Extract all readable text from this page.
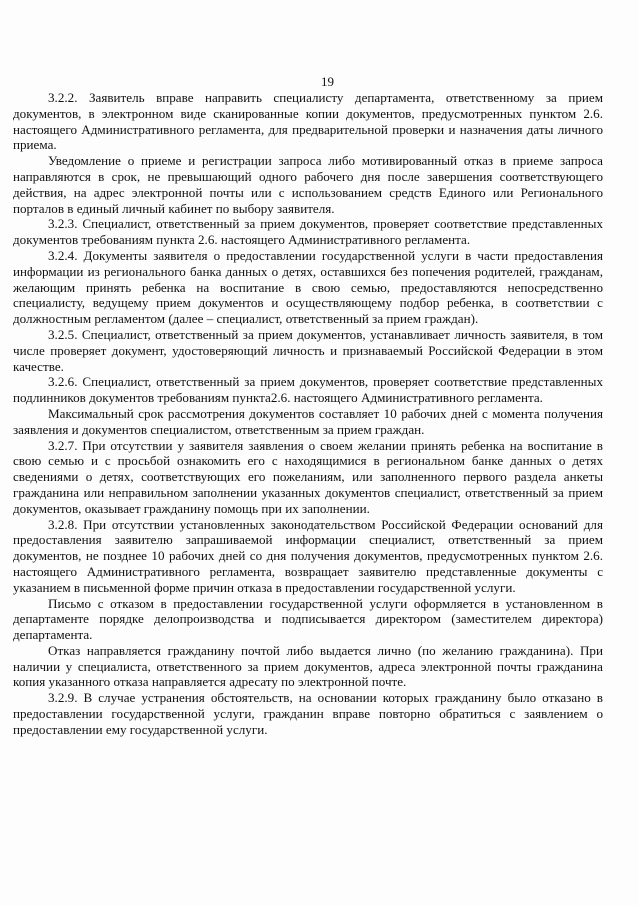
19

3.2.2. Заявитель вправе направить специалисту департамента, ответственному за прием документов, в электронном виде сканированные копии документов, предусмотренных пунктом 2.6. настоящего Административного регламента, для предварительной проверки и назначения даты личного приема.

Уведомление о приеме и регистрации запроса либо мотивированный отказ в приеме запроса направляются в срок, не превышающий одного рабочего дня после завершения соответствующего действия, на адрес электронной почты или с использованием средств Единого или Регионального порталов в единый личный кабинет по выбору заявителя.

3.2.3. Специалист, ответственный за прием документов, проверяет соответствие представленных документов требованиям пункта 2.6. настоящего Административного регламента.

3.2.4. Документы заявителя о предоставлении государственной услуги в части предоставления информации из регионального банка данных о детях, оставшихся без попечения родителей, гражданам, желающим принять ребенка на воспитание в свою семью, предоставляются непосредственно специалисту, ведущему прием документов и осуществляющему подбор ребенка, в соответствии с должностным регламентом (далее – специалист, ответственный за прием граждан).

3.2.5. Специалист, ответственный за прием документов, устанавливает личность заявителя, в том числе проверяет документ, удостоверяющий личность и признаваемый Российской Федерации в этом качестве.

3.2.6. Специалист, ответственный за прием документов, проверяет соответствие представленных подлинников документов требованиям пункта2.6. настоящего Административного регламента.

Максимальный срок рассмотрения документов составляет 10 рабочих дней с момента получения заявления и документов специалистом, ответственным за прием граждан.

3.2.7. При отсутствии у заявителя заявления о своем желании принять ребенка на воспитание в свою семью и с просьбой ознакомить его с находящимися в региональном банке данных о детях сведениями о детях, соответствующих его пожеланиям, или заполненного первого раздела анкеты гражданина или неправильном заполнении указанных документов специалист, ответственный за прием документов, оказывает гражданину помощь при их заполнении.

3.2.8. При отсутствии установленных законодательством Российской Федерации оснований для предоставления заявителю запрашиваемой информации специалист, ответственный за прием документов, не позднее 10 рабочих дней со дня получения документов, предусмотренных пунктом 2.6. настоящего Административного регламента, возвращает заявителю представленные документы с указанием в письменной форме причин отказа в предоставлении государственной услуги.

Письмо с отказом в предоставлении государственной услуги оформляется в установленном в департаменте порядке делопроизводства и подписывается директором (заместителем директора) департамента.

Отказ направляется гражданину почтой либо выдается лично (по желанию гражданина). При наличии у специалиста, ответственного за прием документов, адреса электронной почты гражданина копия указанного отказа направляется адресату по электронной почте.

3.2.9. В случае устранения обстоятельств, на основании которых гражданину было отказано в предоставлении государственной услуги, гражданин вправе повторно обратиться с заявлением о предоставлении ему государственной услуги.
